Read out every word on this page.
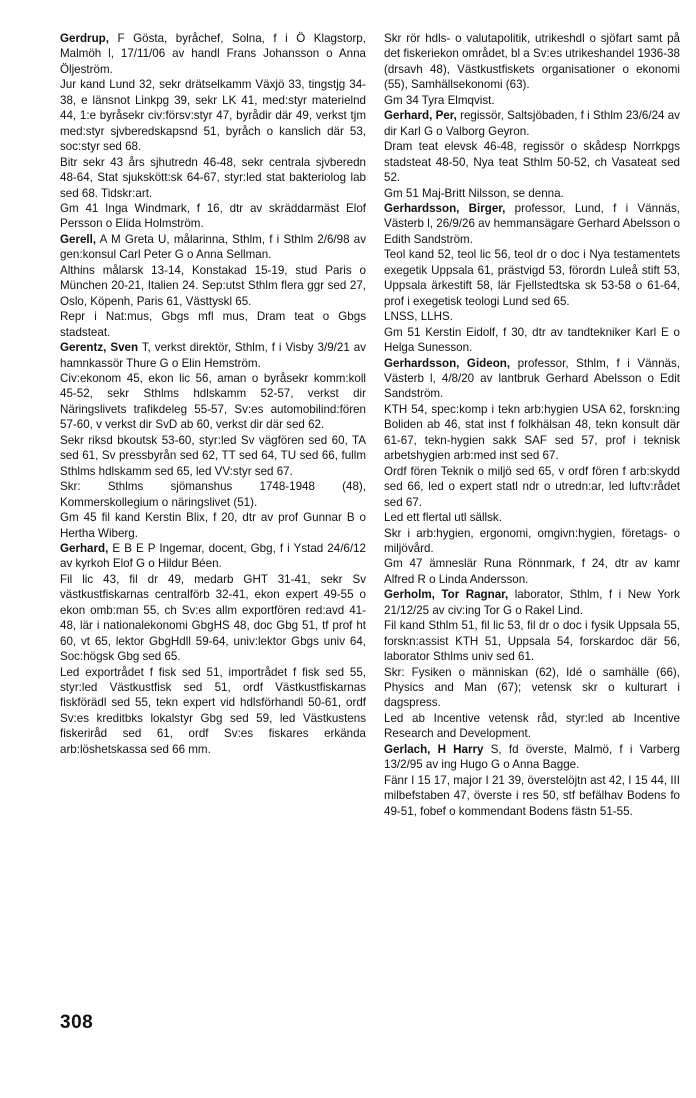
Gerdrup, F Gösta, byråchef, Solna, f i Ö Klagstorp, Malmöh l, 17/11/06 av handl Frans Johansson o Anna Öljeström.

Jur kand Lund 32, sekr drätselkamm Växjö 33, tingstjg 34-38, e länsnot Linkpg 39, sekr LK 41, med:styr materielnd 44, 1:e byråsekr civ:försv:styr 47, byrådir där 49, verkst tjm med:styr sjvberedskapsnd 51, byråch o kanslich där 53, soc:styr sed 68.

Bitr sekr 43 års sjhutredn 46-48, sekr centrala sjvberedn 48-64, Stat sjukskött:sk 64-67, styr:led stat bakteriolog lab sed 68. Tidskr:art.

Gm 41 Inga Windmark, f 16, dtr av skräddarmäst Elof Persson o Elida Holmström.

Gerell, A M Greta U, målarinna, Sthlm, f i Sthlm 2/6/98 av gen:konsul Carl Peter G o Anna Sellman.

Althins målarsk 13-14, Konstakad 15-19, stud Paris o München 20-21, Italien 24. Sep:utst Sthlm flera ggr sed 27, Oslo, Köpenh, Paris 61, Västtyskl 65.

Repr i Nat:mus, Gbgs mfl mus, Dram teat o Gbgs stadsteat.

Gerentz, Sven T, verkst direktör, Sthlm, f i Visby 3/9/21 av hamnkassör Thure G o Elin Hemström.

Civ:ekonom 45, ekon lic 56, aman o byråsekr komm:koll 45-52, sekr Sthlms hdlskamm 52-57, verkst dir Näringslivets trafikdeleg 55-57, Sv:es automobilind:fören 57-60, v verkst dir SvD ab 60, verkst dir där sed 62.

Sekr riksd bkoutsk 53-60, styr:led Sv vägfören sed 60, TA sed 61, Sv pressbyrån sed 62, TT sed 64, TU sed 66, fullm Sthlms hdlskamm sed 65, led VV:styr sed 67.

Skr: Sthlms sjömanshus 1748-1948 (48), Kommerskollegium o näringslivet (51).

Gm 45 fil kand Kerstin Blix, f 20, dtr av prof Gunnar B o Hertha Wiberg.

Gerhard, E B E P Ingemar, docent, Gbg, f i Ystad 24/6/12 av kyrkoh Elof G o Hildur Béen.

Fil lic 43, fil dr 49, medarb GHT 31-41, sekr Sv västkustfiskarnas centralförb 32-41, ekon expert 49-55 o ekon omb:man 55, ch Sv:es allm exportfören red:avd 41-48, lär i nationalekonomi GbgHS 48, doc Gbg 51, tf prof ht 60, vt 65, lektor GbgHdll 59-64, univ:lektor Gbgs univ 64, Soc:högsk Gbg sed 65.

Led exportrådet f fisk sed 51, importrådet f fisk sed 55, styr:led Västkustfisk sed 51, ordf Västkustfiskarnas fiskförädl sed 55, tekn expert vid hdlsförhandl 50-61, ordf Sv:es kreditbks lokalstyr Gbg sed 59, led Västkustens fiskeriråd sed 61, ordf Sv:es fiskares erkända arb:löshetskassa sed 66 mm.

Skr rör hdls- o valutapolitik, utrikeshdl o sjöfart samt på det fiskeriekon området, bl a Sv:es utrikeshandel 1936-38 (drsavh 48), Västkustfiskets organisationer o ekonomi (55), Samhällsekonomi (63).

Gm 34 Tyra Elmqvist.

Gerhard, Per, regissör, Saltsjöbaden, f i Sthlm 23/6/24 av dir Karl G o Valborg Geyron.

Dram teat elevsk 46-48, regissör o skådesp Norrkpgs stadsteat 48-50, Nya teat Sthlm 50-52, ch Vasateat sed 52.

Gm 51 Maj-Britt Nilsson, se denna.

Gerhardsson, Birger, professor, Lund, f i Vännäs, Västerb l, 26/9/26 av hemmansägare Gerhard Abelsson o Edith Sandström.

Teol kand 52, teol lic 56, teol dr o doc i Nya testamentets exegetik Uppsala 61, prästvigd 53, förordn Luleå stift 53, Uppsala ärkestift 58, lär Fjellstedtska sk 53-58 o 61-64, prof i exegetisk teologi Lund sed 65.

LNSS, LLHS.

Gm 51 Kerstin Eidolf, f 30, dtr av tandtekniker Karl E o Helga Sunesson.

Gerhardsson, Gideon, professor, Sthlm, f i Vännäs, Västerb l, 4/8/20 av lantbruk Gerhard Abelsson o Edit Sandström.

KTH 54, spec:komp i tekn arb:hygien USA 62, forskn:ing Boliden ab 46, stat inst f folkhälsan 48, tekn konsult där 61-67, tekn-hygien sakk SAF sed 57, prof i teknisk arbetshygien arb:med inst sed 67.

Ordf fören Teknik o miljö sed 65, v ordf fören f arb:skydd sed 66, led o expert statl ndr o utredn:ar, led luftv:rådet sed 67.

Led ett flertal utl sällsk.

Skr i arb:hygien, ergonomi, omgivn:hygien, företags- o miljövård.

Gm 47 ämneslär Runa Rönnmark, f 24, dtr av kamr Alfred R o Linda Andersson.

Gerholm, Tor Ragnar, laborator, Sthlm, f i New York 21/12/25 av civ:ing Tor G o Rakel Lind.

Fil kand Sthlm 51, fil lic 53, fil dr o doc i fysik Uppsala 55, forskn:assist KTH 51, Uppsala 54, forskardoc där 56, laborator Sthlms univ sed 61.

Skr: Fysiken o människan (62), Idé o samhälle (66), Physics and Man (67); vetensk skr o kulturart i dagspress.

Led ab Incentive vetensk råd, styr:led ab Incentive Research and Development.

Gerlach, H Harry S, fd överste, Malmö, f i Varberg 13/2/95 av ing Hugo G o Anna Bagge.

Fänr I 15 17, major I 21 39, överstelöjtn ast 42, I 15 44, III milbefstaben 47, överste i res 50, stf befälhav Bodens fo 49-51, fobef o kommendant Bodens fästn 51-55.

308
